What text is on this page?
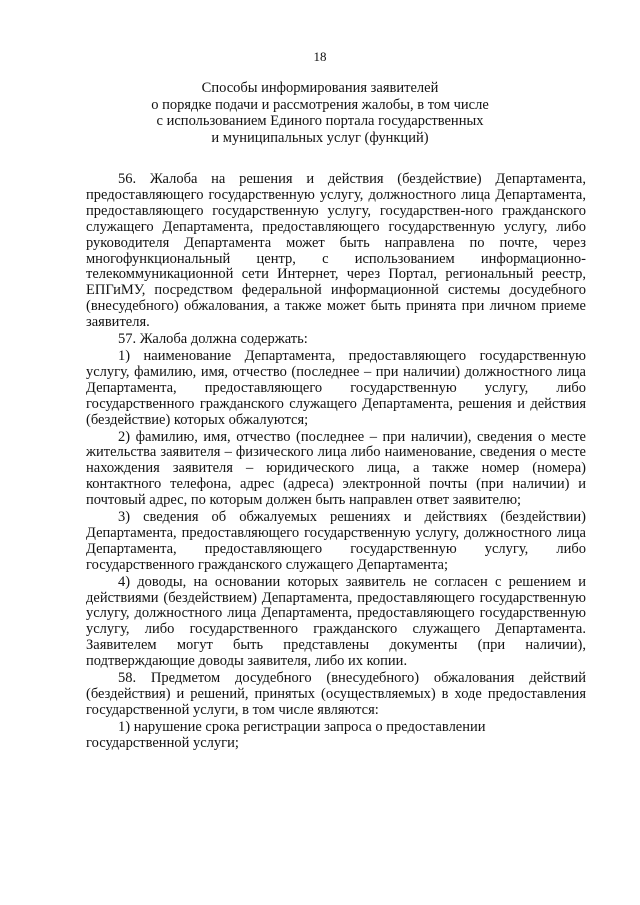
18
Способы информирования заявителей
о порядке подачи и рассмотрения жалобы, в том числе
с использованием Единого портала государственных
и муниципальных услуг (функций)

56. Жалоба на решения и действия (бездействие) Департамента, предоставляющего государственную услугу, должностного лица Департамента, предоставляющего государственную услугу, государствен-ного гражданского служащего Департамента, предоставляющего государственную услугу, либо руководителя Департамента может быть направлена по почте, через многофункциональный центр, с использованием информационно-телекоммуникационной сети Интернет, через Портал, региональный реестр, ЕПГиМУ, посредством федеральной информационной системы досудебного (внесудебного) обжалования, а также может быть принята при личном приеме заявителя.

57. Жалоба должна содержать:

1) наименование Департамента, предоставляющего государственную услугу, фамилию, имя, отчество (последнее – при наличии) должностного лица Департамента, предоставляющего государственную услугу, либо государственного гражданского служащего Департамента, решения и действия (бездействие) которых обжалуются;

2) фамилию, имя, отчество (последнее – при наличии), сведения о месте жительства заявителя – физического лица либо наименование, сведения о месте нахождения заявителя – юридического лица, а также номер (номера) контактного телефона, адрес (адреса) электронной почты (при наличии) и почтовый адрес, по которым должен быть направлен ответ заявителю;

3) сведения об обжалуемых решениях и действиях (бездействии) Департамента, предоставляющего государственную услугу, должностного лица Департамента, предоставляющего государственную услугу, либо государственного гражданского служащего Департамента;

4) доводы, на основании которых заявитель не согласен с решением и действиями (бездействием) Департамента, предоставляющего государственную услугу, должностного лица Департамента, предоставляющего государственную услугу, либо государственного гражданского служащего Департамента. Заявителем могут быть представлены документы (при наличии), подтверждающие доводы заявителя, либо их копии.

58. Предметом досудебного (внесудебного) обжалования действий (бездействия) и решений, принятых (осуществляемых) в ходе предоставления государственной услуги, в том числе являются:

1) нарушение срока регистрации запроса о предоставлении государственной услуги;
